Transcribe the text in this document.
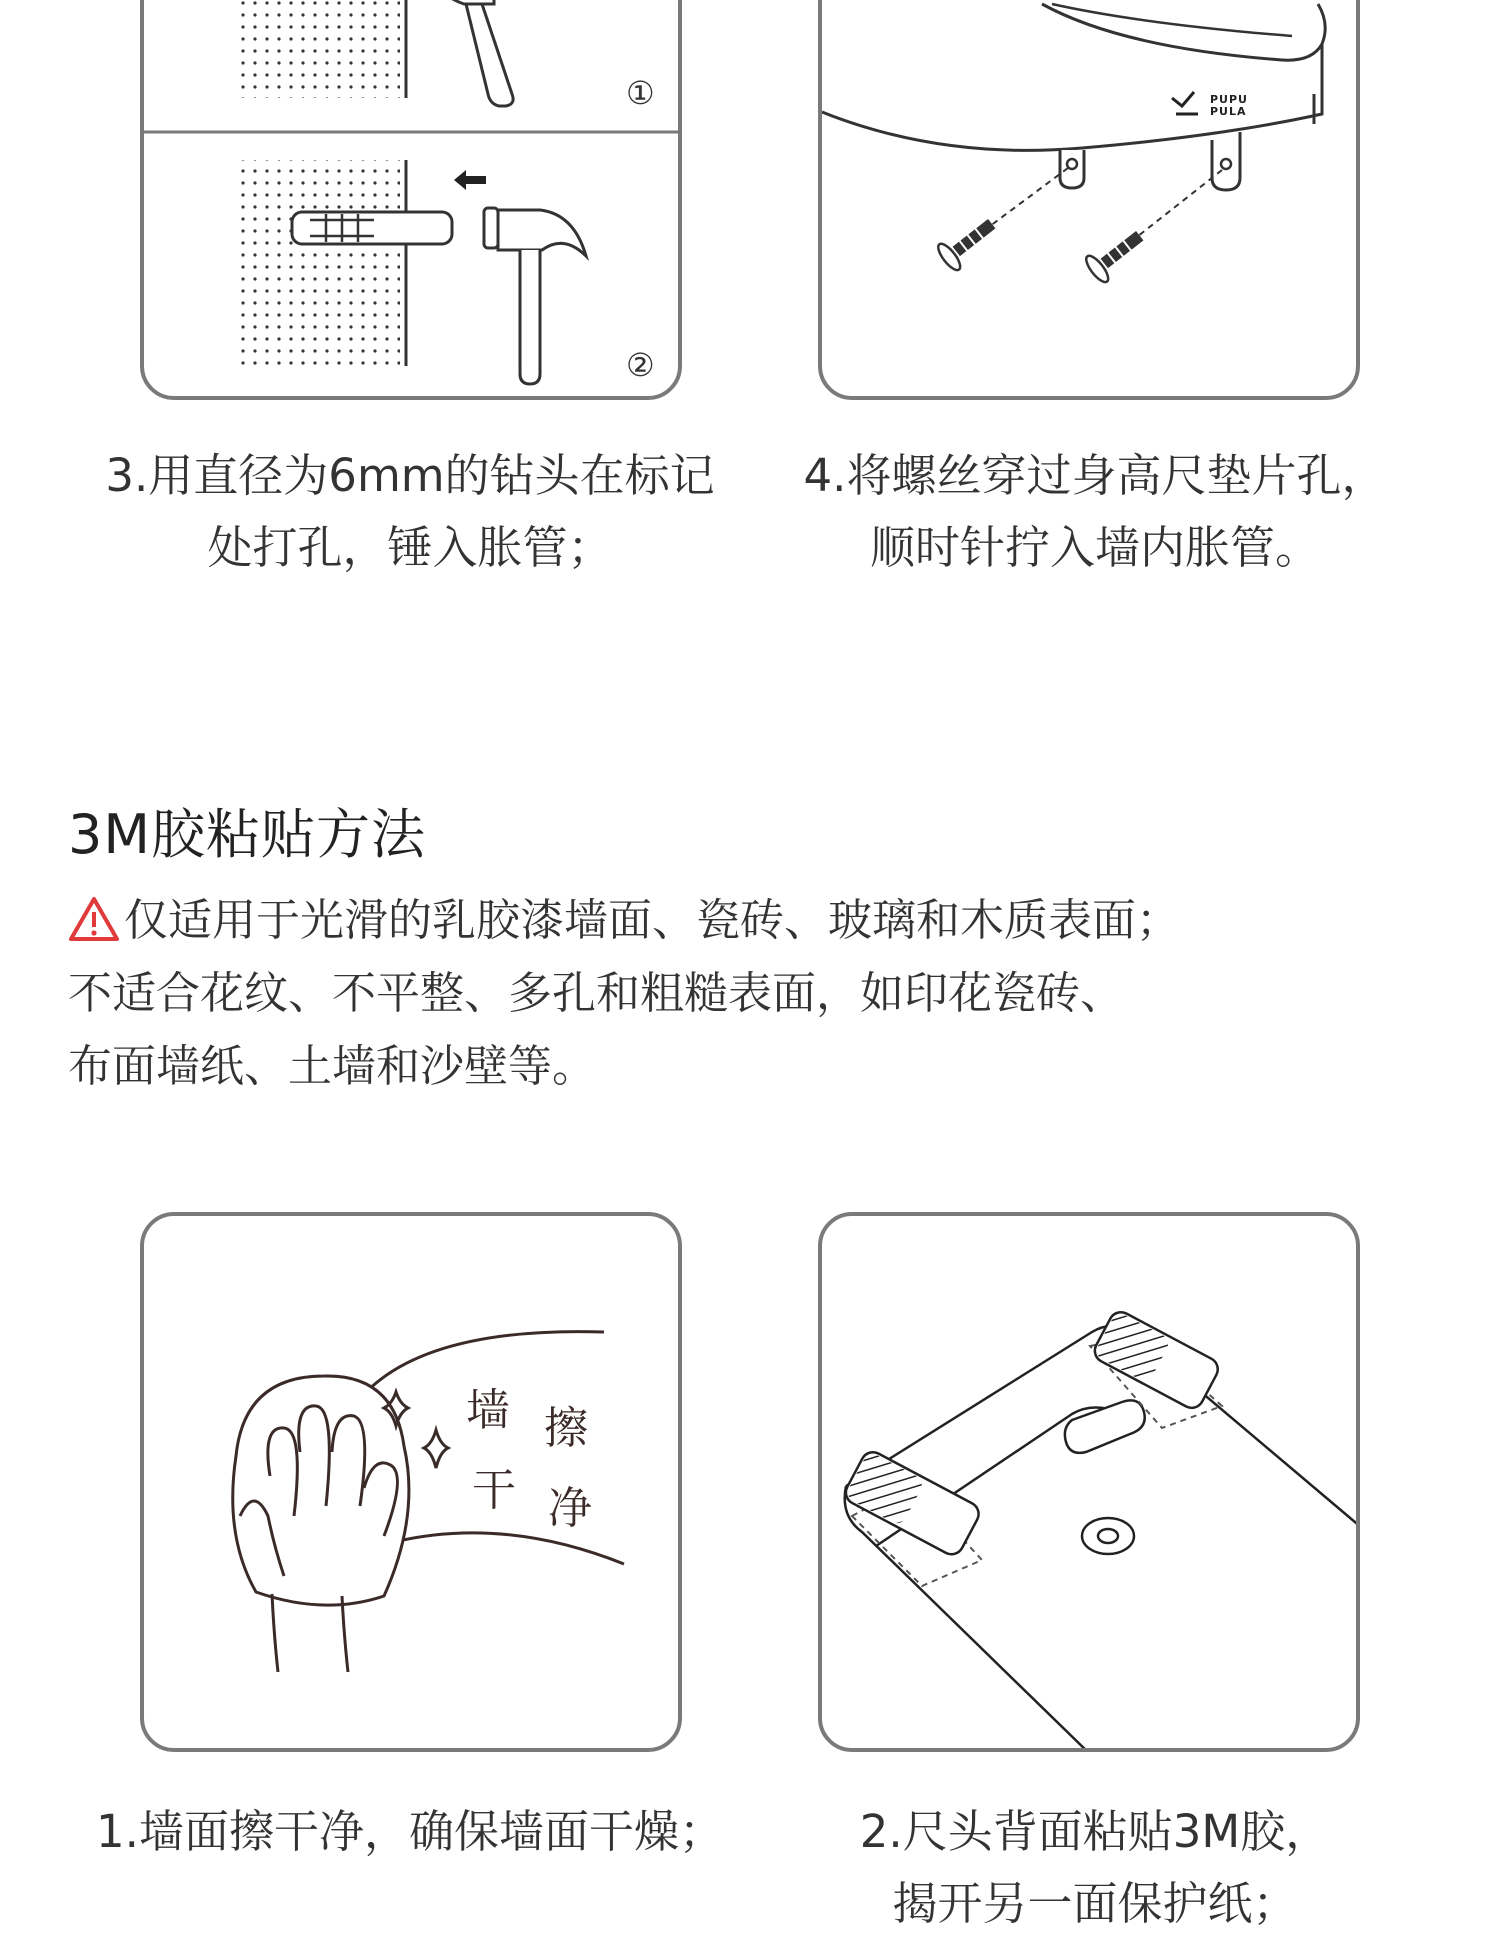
①
②
PUPU
PULA
3.用直径为6mm的钻头在标记
处打孔，锤入胀管；
4.将螺丝穿过身高尺垫片孔，
顺时针拧入墙内胀管。
3M胶粘贴方法
仅适用于光滑的乳胶漆墙面、瓷砖、玻璃和木质表面；
不适合花纹、不平整、多孔和粗糙表面，如印花瓷砖、
布面墙纸、土墙和沙壁等。
墙
干
擦
净
1.墙面擦干净，确保墙面干燥；	2.尺头背面粘贴3M胶，
揭开另一面保护纸；
